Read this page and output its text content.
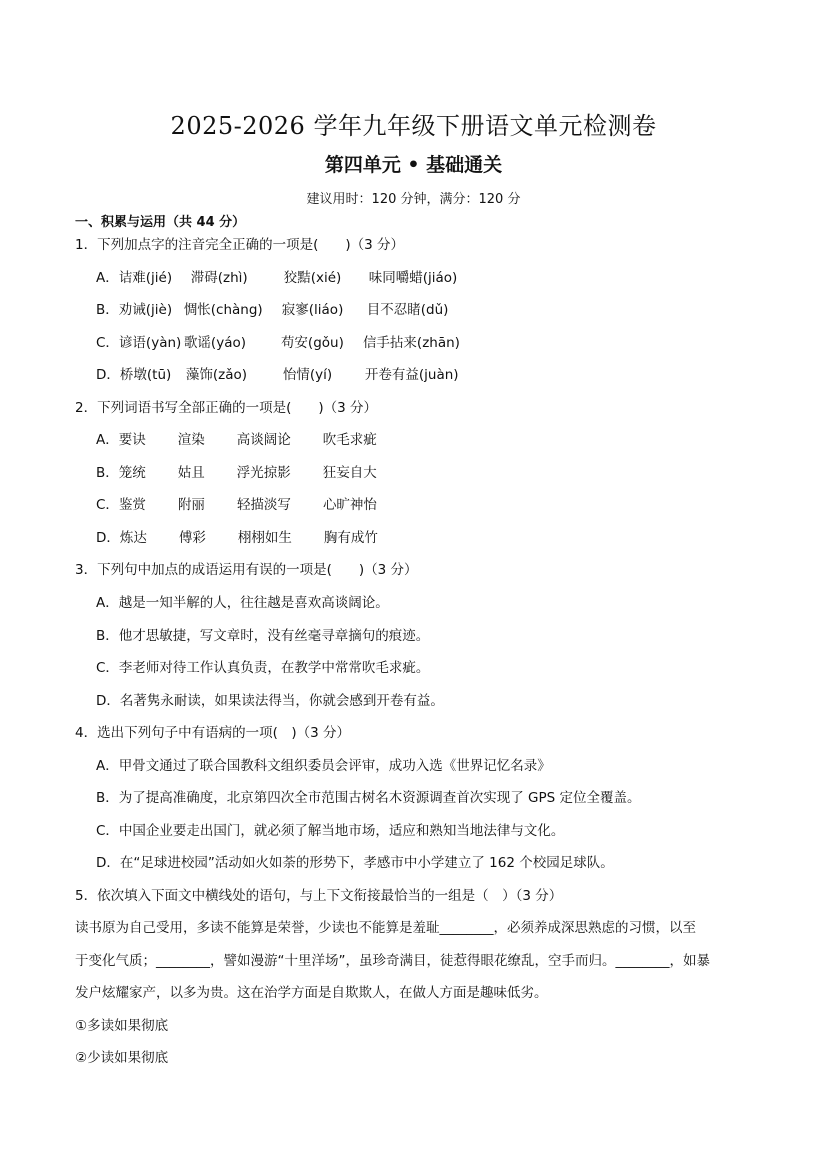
2025-2026 学年九年级下册语文单元检测卷
第四单元 • 基础通关
建议用时：120 分钟，满分：120 分
一、积累与运用（共 44 分）
1．下列加点字的注音完全正确的一项是(　　)（3 分）
A．诘难(jié) 滞碍(zhì)	狡黠(xié) 味同嚼蜡(jiáo)
B．劝诫(jiè) 惆怅(chàng) 寂寥(liáo) 目不忍睹(dǔ)
C．谚语(yàn) 歌谣(yáo)	苟安(gǒu) 信手拈来(zhān)
D．桥墩(tū) 藻饰(zǎo)	怡情(yí) 开卷有益(juàn)
2．下列词语书写全部正确的一项是(　　)（3 分）
A．要诀 渲染 高谈阔论 吹毛求疵
B．笼统 姑且 浮光掠影 狂妄自大
C．鉴赏 附丽 轻描淡写 心旷神怡
D．炼达 傅彩 栩栩如生 胸有成竹
3．下列句中加点的成语运用有误的一项是(　　)（3 分）
A．越是一知半解的人，往往越是喜欢高谈阔论。
B．他才思敏捷，写文章时，没有丝毫寻章摘句的痕迹。
C．李老师对待工作认真负责，在教学中常常吹毛求疵。
D．名著隽永耐读，如果读法得当，你就会感到开卷有益。
4．选出下列句子中有语病的一项(　)（3 分）
A．甲骨文通过了联合国教科文组织委员会评审，成功入选《世界记忆名录》
B．为了提高准确度，北京第四次全市范围古树名木资源调查首次实现了 GPS 定位全覆盖。
C．中国企业要走出国门，就必须了解当地市场，适应和熟知当地法律与文化。
D．在“足球进校园”活动如火如荼的形势下，孝感市中小学建立了 162 个校园足球队。
5．依次填入下面文中横线处的语句，与上下文衔接最恰当的一组是（　）（3 分）
读书原为自己受用，多读不能算是荣誉，少读也不能算是羞耻________，必须养成深思熟虑的习惯，以至
于变化气质；________，譬如漫游“十里洋场”，虽珍奇满目，徒惹得眼花缭乱，空手而归。________，如暴
发户炫耀家产，以多为贵。这在治学方面是自欺欺人，在做人方面是趣味低劣。
①多读如果彻底
②少读如果彻底
